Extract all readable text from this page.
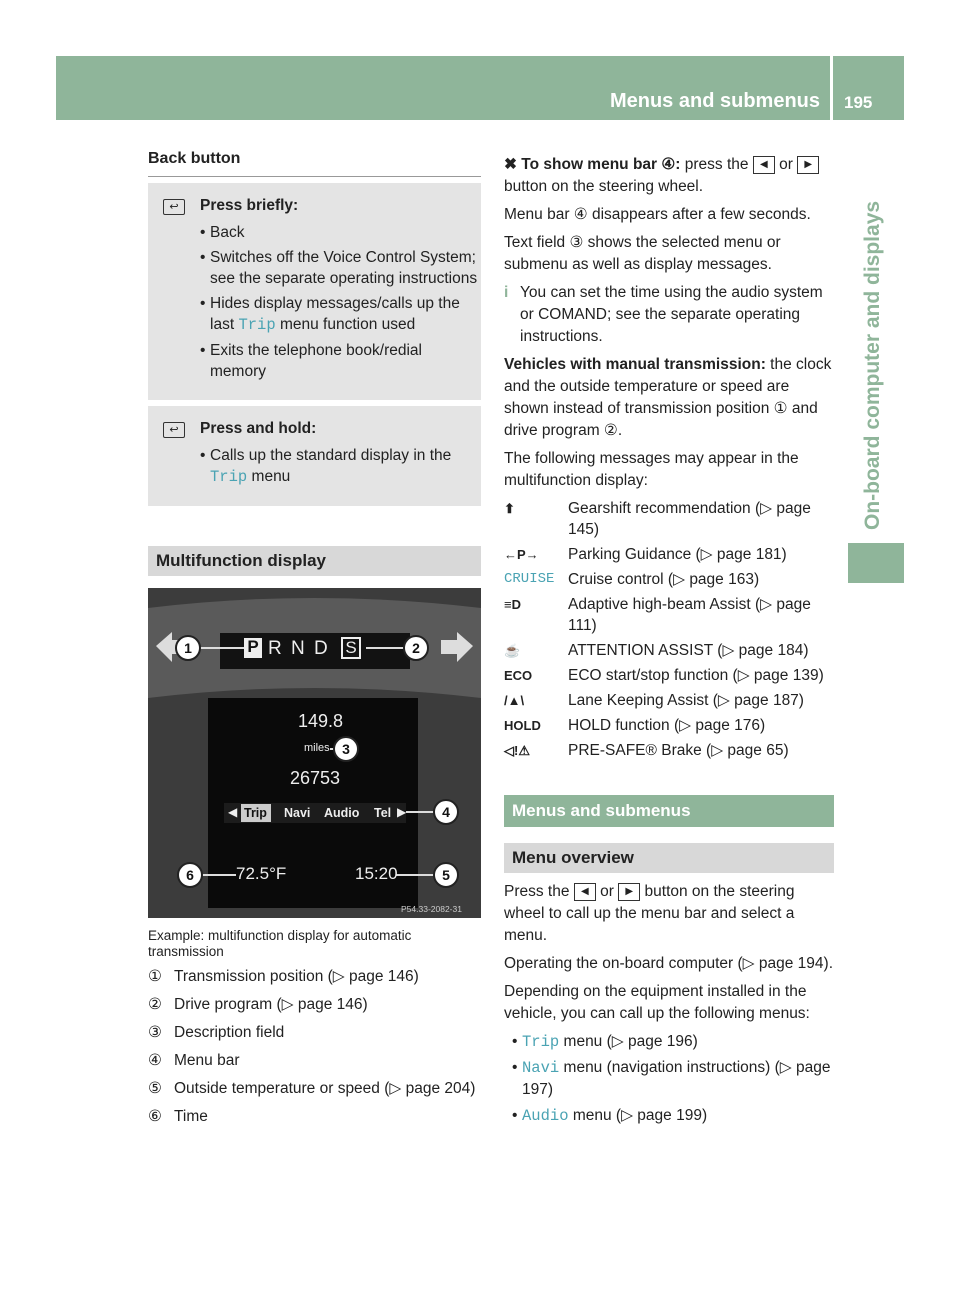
Menus and submenus 195
On-board computer and displays
Back button
↩	Press briefly:
• Back
• Switches off the Voice Control System; see the separate operating instructions
• Hides display messages/calls up the last Trip menu function used
• Exits the telephone book/redial memory
↩	Press and hold:
• Calls up the standard display in the Trip menu
Multifunction display
P R N D S
149.8
miles
26753
◀ Trip Navi Audio Tel ▶
72.5°F	15:20
P54.33-2082-31
1	2
3
4
5
6
Example: multifunction display for automatic transmission
① Transmission position (▷ page 146)
② Drive program (▷ page 146)
③ Description field
④ Menu bar
⑤ Outside temperature or speed (▷ page 204)
⑥ Time
✖ To show menu bar ④: press the ◀ or ▶ button on the steering wheel.
Menu bar ④ disappears after a few seconds.
Text field ③ shows the selected menu or submenu as well as display messages.
i You can set the time using the audio system or COMAND; see the separate operating instructions.
Vehicles with manual transmission: the clock and the outside temperature or speed are shown instead of transmission position ① and drive program ②.
The following messages may appear in the multifunction display:
⬆	Gearshift recommendation (▷ page 145)
←P→	Parking Guidance (▷ page 181)
CRUISE Cruise control (▷ page 163)
≡D	Adaptive high-beam Assist (▷ page 111)
☕	ATTENTION ASSIST (▷ page 184)
ECO	ECO start/stop function (▷ page 139)
/▲\	Lane Keeping Assist (▷ page 187)
HOLD	HOLD function (▷ page 176)
◁!⚠	PRE-SAFE® Brake (▷ page 65)
Menus and submenus
Menu overview
Press the ◀ or ▶ button on the steering wheel to call up the menu bar and select a menu.
Operating the on-board computer (▷ page 194).
Depending on the equipment installed in the vehicle, you can call up the following menus:
• Trip menu (▷ page 196)
• Navi menu (navigation instructions) (▷ page 197)
• Audio menu (▷ page 199)
